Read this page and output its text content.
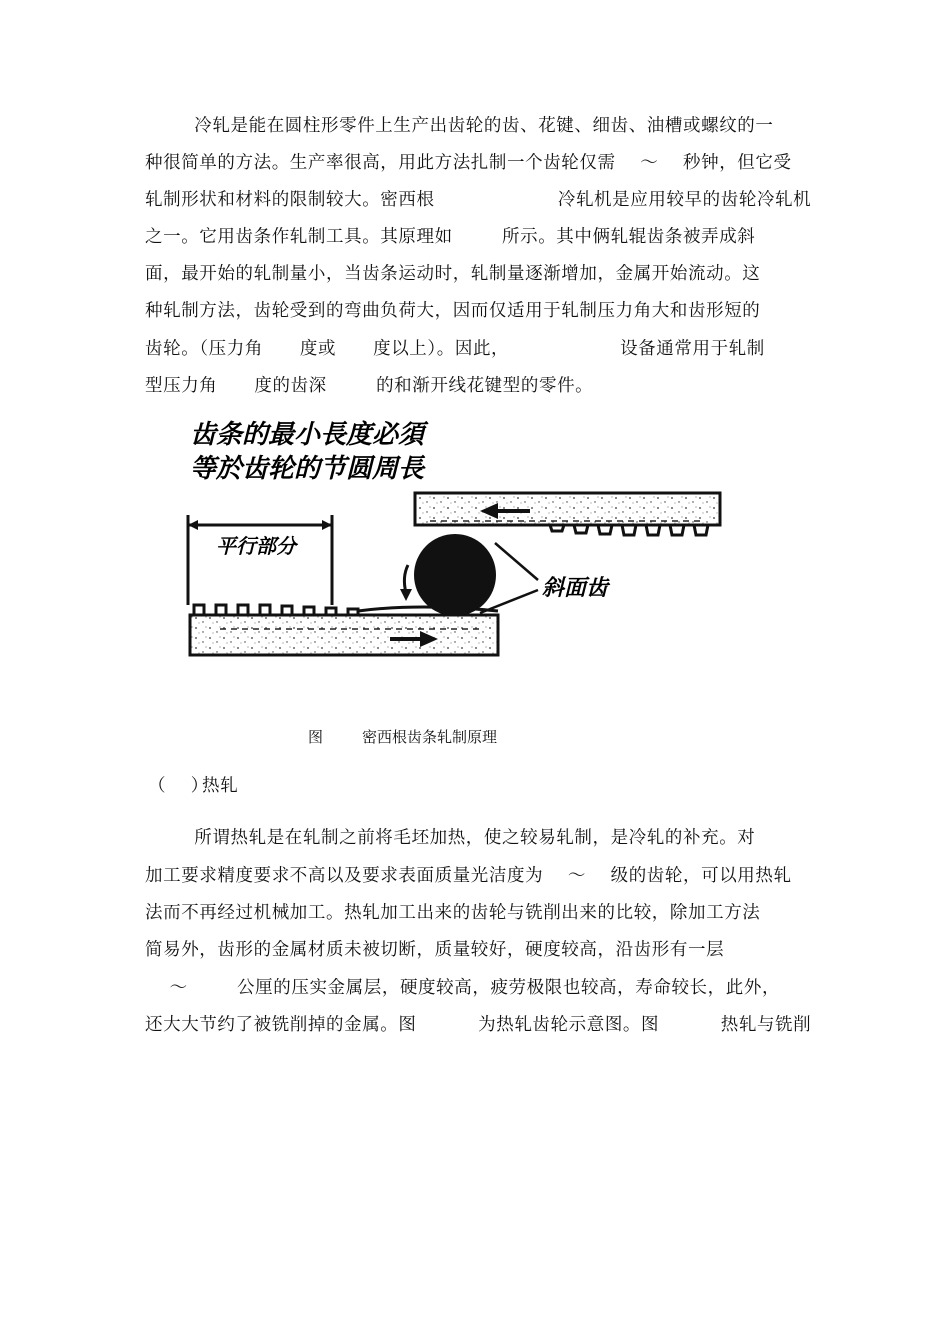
冷轧是能在圆柱形零件上生产出齿轮的齿、花键、细齿、油槽或螺纹的一
种很简单的方法。生产率很高，用此方法扎制一个齿轮仅需    ～    秒钟，但它受
轧制形状和材料的限制较大。密西根                    冷轧机是应用较早的齿轮冷轧机
之一。它用齿条作轧制工具。其原理如        所示。其中俩轧辊齿条被弄成斜
面，最开始的轧制量小，当齿条运动时，轧制量逐渐增加，金属开始流动。这
种轧制方法，齿轮受到的弯曲负荷大，因而仅适用于轧制压力角大和齿形短的
齿轮。（压力角      度或      度以上）。因此，                  设备通常用于轧制
型压力角      度的齿深        的和渐开线花键型的零件。
齿条的最小長度必須
等於齿轮的节圆周長
平行部分
斜面齿
图	密西根齿条轧制原理
（    ）
热轧
所谓热轧是在轧制之前将毛坯加热，使之较易轧制，是冷轧的补充。对
加工要求精度要求不高以及要求表面质量光洁度为    ～    级的齿轮，可以用热轧
法而不再经过机械加工。热轧加工出来的齿轮与铣削出来的比较，除加工方法
简易外，齿形的金属材质未被切断，质量较好，硬度较高，沿齿形有一层
～        公厘的压实金属层，硬度较高，疲劳极限也较高，寿命较长，此外，
还大大节约了被铣削掉的金属。图          为热轧齿轮示意图。图          热轧与铣削
